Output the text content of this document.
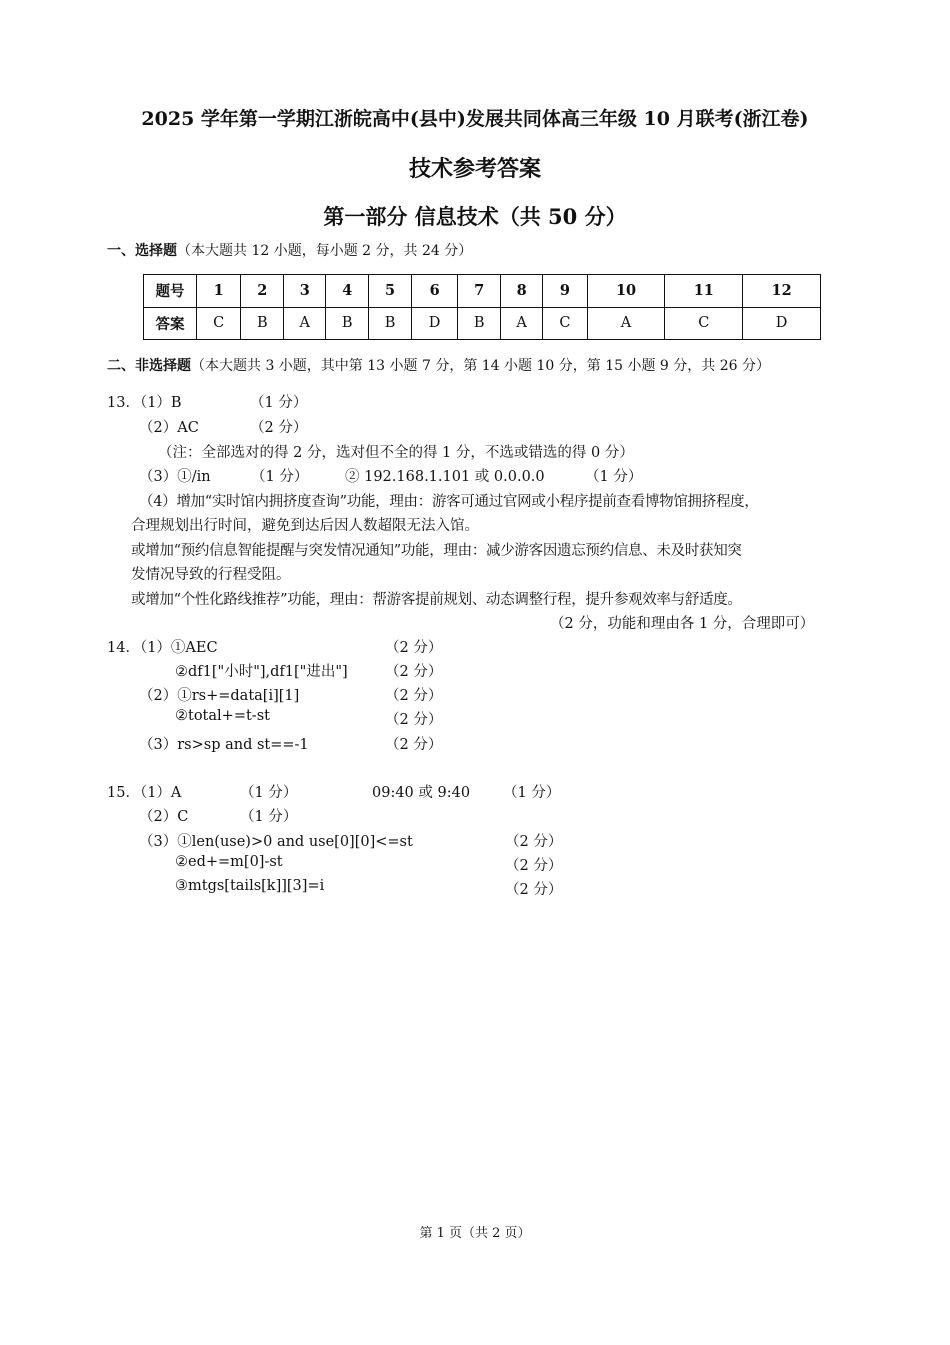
2025 学年第一学期江浙皖高中(县中)发展共同体高三年级 10 月联考(浙江卷)
技术参考答案
第一部分 信息技术（共 50 分）
一、选择题（本大题共 12 小题，每小题 2 分，共 24 分）
题号	1	2	3	4	5	6	7	8	9	10	11	12
答案	C	B	A	B	B	D	B	A	C	A	C	D
二、非选择题（本大题共 3 小题，其中第 13 小题 7 分，第 14 小题 10 分，第 15 小题 9 分，共 26 分）
13．（1）B	（1 分）
（2）AC	（2 分）
（注：全部选对的得 2 分，选对但不全的得 1 分，不选或错选的得 0 分）
（3）①/in	（1 分）	② 192.168.1.101 或 0.0.0.0	（1 分）
（4）增加“实时馆内拥挤度查询”功能，理由：游客可通过官网或小程序提前查看博物馆拥挤程度，
合理规划出行时间，避免到达后因人数超限无法入馆。
或增加“预约信息智能提醒与突发情况通知”功能，理由：减少游客因遗忘预约信息、未及时获知突
发情况导致的行程受阻。
或增加“个性化路线推荐”功能，理由：帮游客提前规划、动态调整行程，提升参观效率与舒适度。
（2 分，功能和理由各 1 分，合理即可）
14．（1）①AEC	（2 分）
②df1["小时"],df1["进出"]	（2 分）
（2）①rs+=data[i][1]	（2 分）
②total+=t-st	（2 分）
（3）rs>sp and st==-1	（2 分）
15．（1）A	（1 分）	09:40 或 9:40 （1 分）
（2）C	（1 分）
（3）①len(use)>0 and use[0][0]<=st	（2 分）
②ed+=m[0]-st	（2 分）
③mtgs[tails[k]][3]=i	（2 分）
第 1 页（共 2 页）
